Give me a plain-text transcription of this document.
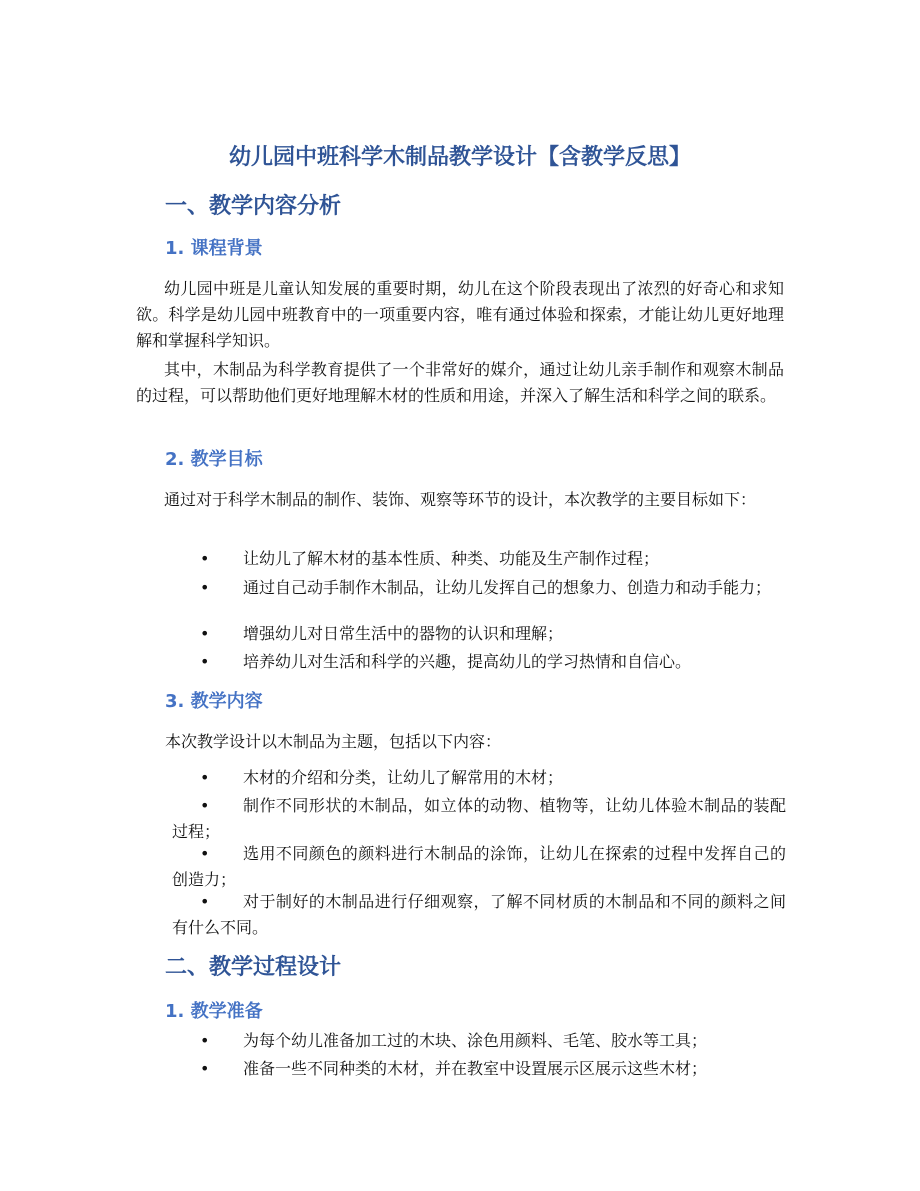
幼儿园中班科学木制品教学设计【含教学反思】
一、教学内容分析
1. 课程背景

幼儿园中班是儿童认知发展的重要时期，幼儿在这个阶段表现出了浓烈的好奇心和求知欲。科学是幼儿园中班教育中的一项重要内容，唯有通过体验和探索，才能让幼儿更好地理解和掌握科学知识。

其中，木制品为科学教育提供了一个非常好的媒介，通过让幼儿亲手制作和观察木制品的过程，可以帮助他们更好地理解木材的性质和用途，并深入了解生活和科学之间的联系。

2. 教学目标

通过对于科学木制品的制作、装饰、观察等环节的设计，本次教学的主要目标如下：

• 让幼儿了解木材的基本性质、种类、功能及生产制作过程；
• 通过自己动手制作木制品，让幼儿发挥自己的想象力、创造力和动手能力；
• 增强幼儿对日常生活中的器物的认识和理解；
• 培养幼儿对生活和科学的兴趣，提高幼儿的学习热情和自信心。
3. 教学内容

本次教学设计以木制品为主题，包括以下内容：

• 木材的介绍和分类，让幼儿了解常用的木材；
• 制作不同形状的木制品，如立体的动物、植物等，让幼儿体验木制品的装配过程；
• 选用不同颜色的颜料进行木制品的涂饰，让幼儿在探索的过程中发挥自己的创造力；
• 对于制好的木制品进行仔细观察，了解不同材质的木制品和不同的颜料之间有什么不同。
二、教学过程设计
1. 教学准备
• 为每个幼儿准备加工过的木块、涂色用颜料、毛笔、胶水等工具；
• 准备一些不同种类的木材，并在教室中设置展示区展示这些木材；
